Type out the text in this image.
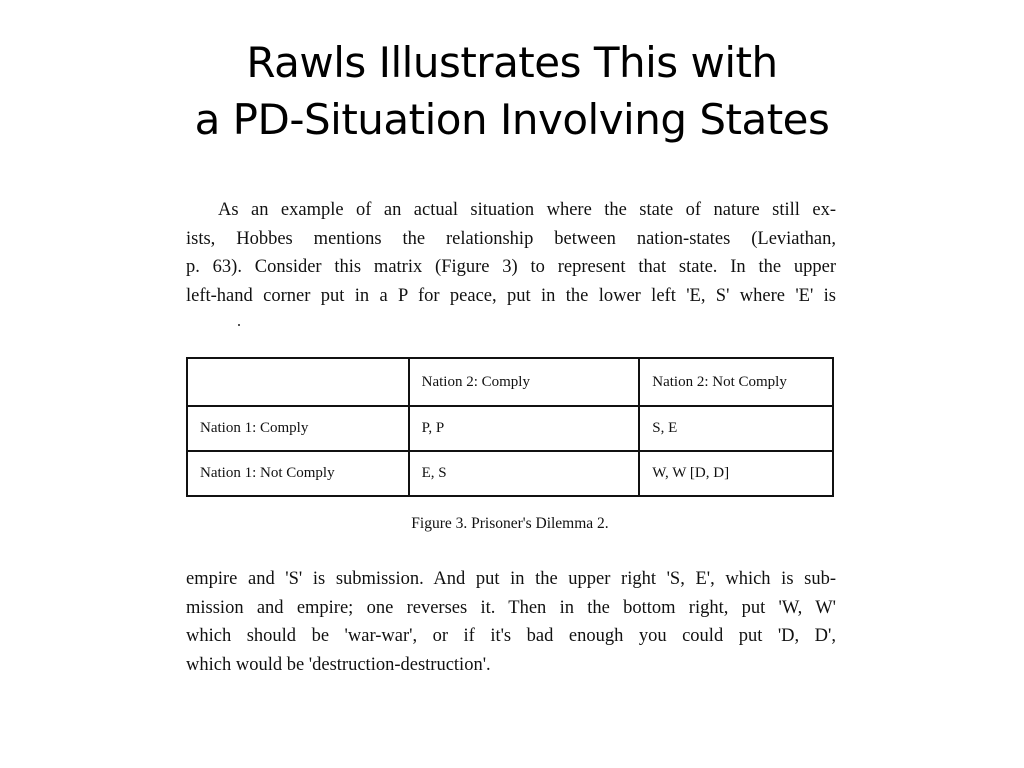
Rawls Illustrates This with
a PD-Situation Involving States

As an example of an actual situation where the state of nature still ex-
ists, Hobbes mentions the relationship between nation-states (Leviathan,
p. 63). Consider this matrix (Figure 3) to represent that state. In the upper
left-hand corner put in a P for peace, put in the lower left 'E, S' where 'E' is

	Nation 2: Comply	Nation 2: Not Comply
Nation 1: Comply	P, P	S, E
Nation 1: Not Comply	E, S	W, W [D, D]
Figure 3. Prisoner's Dilemma 2.

empire and 'S' is submission. And put in the upper right 'S, E', which is sub-
mission and empire; one reverses it. Then in the bottom right, put 'W, W'
which should be 'war-war', or if it's bad enough you could put 'D, D',
which would be 'destruction-destruction'.
